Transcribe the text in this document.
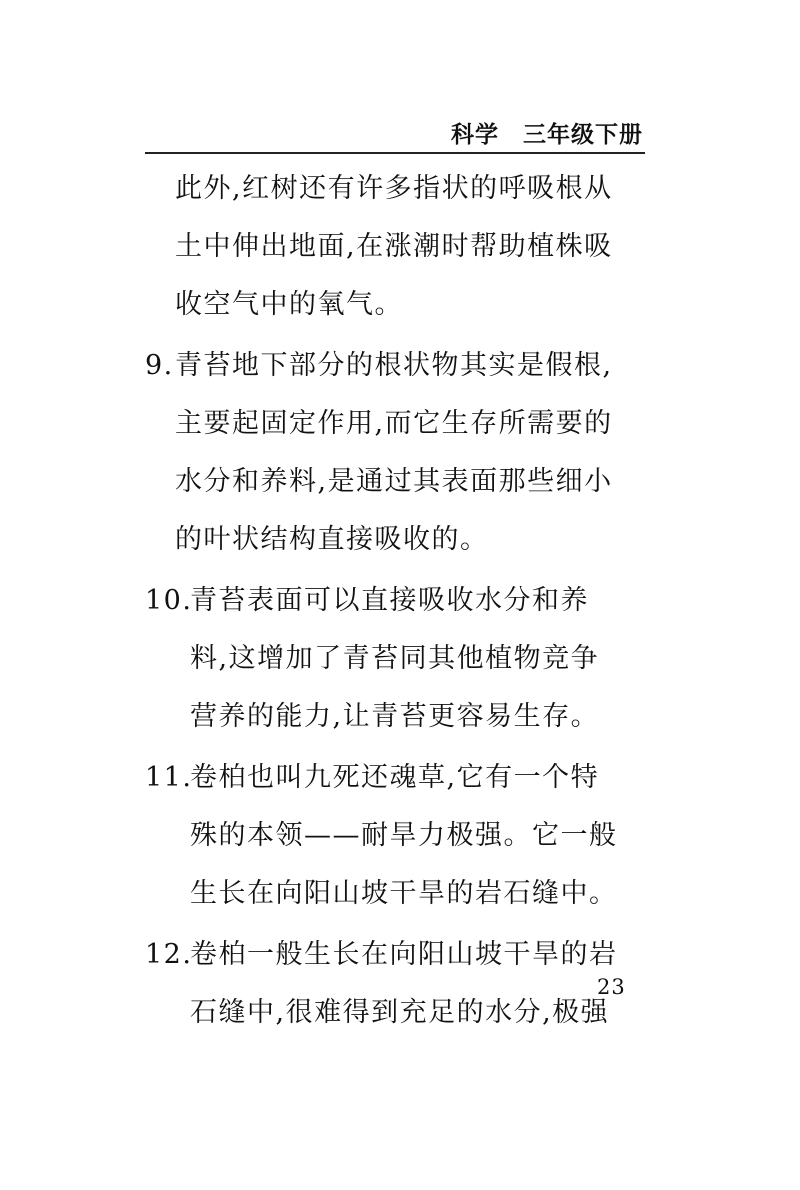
科学 三年级下册
此外,红树还有许多指状的呼吸根从
土中伸出地面,在涨潮时帮助植株吸
收空气中的氧气。
9. 青苔地下部分的根状物其实是假根,
主要起固定作用,而它生存所需要的
水分和养料,是通过其表面那些细小
的叶状结构直接吸收的。
10.
青苔表面可以直接吸收水分和养
料,这增加了青苔同其他植物竞争
营养的能力,让青苔更容易生存。
11.
卷柏也叫九死还魂草,它有一个特
殊的本领——耐旱力极强。它一般
生长在向阳山坡干旱的岩石缝中。
12.
卷柏一般生长在向阳山坡干旱的岩
石缝中,很难得到充足的水分,极强
23
